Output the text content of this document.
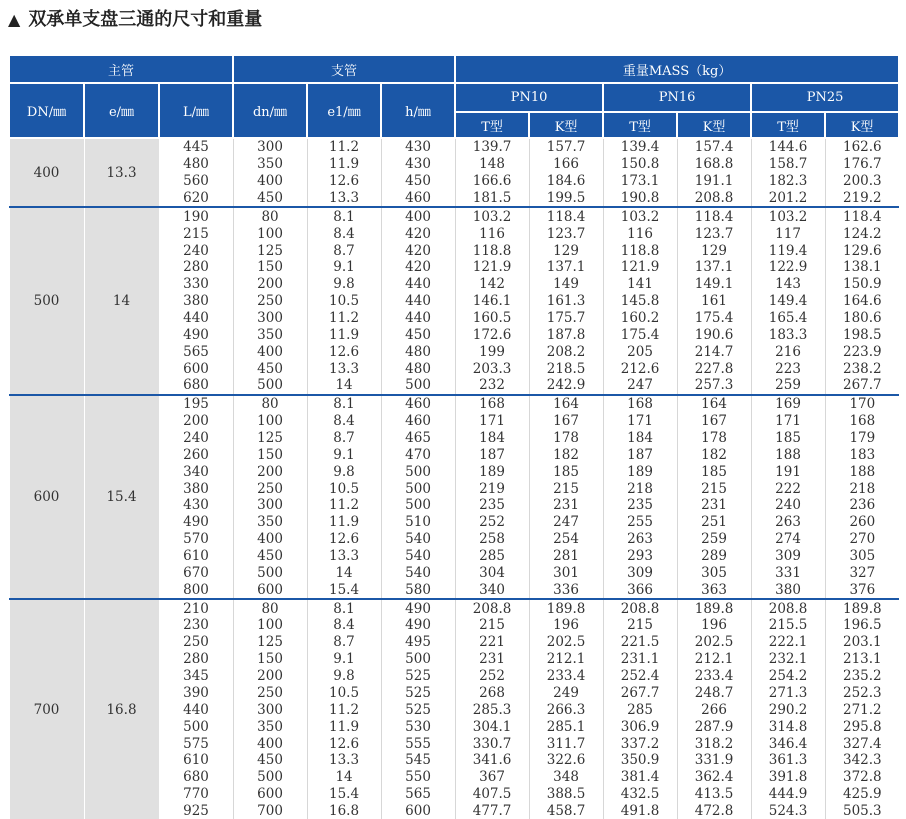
▲ 双承单支盘三通的尺寸和重量
主管			支管			重量MASS（kg）					
DN/㎜	e/㎜	L/㎜	dn/㎜	e1/㎜	h/㎜	PN10		PN16		PN25	
						T型	K型	T型	K型	T型	K型
400	13.3	445	300	11.2	430	139.7	157.7	139.4	157.4	144.6	162.6
		480	350	11.9	430	148	166	150.8	168.8	158.7	176.7
		560	400	12.6	450	166.6	184.6	173.1	191.1	182.3	200.3
		620	450	13.3	460	181.5	199.5	190.8	208.8	201.2	219.2
500	14	190	80	8.1	400	103.2	118.4	103.2	118.4	103.2	118.4
		215	100	8.4	420	116	123.7	116	123.7	117	124.2
		240	125	8.7	420	118.8	129	118.8	129	119.4	129.6
		280	150	9.1	420	121.9	137.1	121.9	137.1	122.9	138.1
		330	200	9.8	440	142	149	141	149.1	143	150.9
		380	250	10.5	440	146.1	161.3	145.8	161	149.4	164.6
		440	300	11.2	440	160.5	175.7	160.2	175.4	165.4	180.6
		490	350	11.9	450	172.6	187.8	175.4	190.6	183.3	198.5
		565	400	12.6	480	199	208.2	205	214.7	216	223.9
		600	450	13.3	480	203.3	218.5	212.6	227.8	223	238.2
		680	500	14	500	232	242.9	247	257.3	259	267.7
600	15.4	195	80	8.1	460	168	164	168	164	169	170
		200	100	8.4	460	171	167	171	167	171	168
		240	125	8.7	465	184	178	184	178	185	179
		260	150	9.1	470	187	182	187	182	188	183
		340	200	9.8	500	189	185	189	185	191	188
		380	250	10.5	500	219	215	218	215	222	218
		430	300	11.2	500	235	231	235	231	240	236
		490	350	11.9	510	252	247	255	251	263	260
		570	400	12.6	540	258	254	263	259	274	270
		610	450	13.3	540	285	281	293	289	309	305
		670	500	14	540	304	301	309	305	331	327
		800	600	15.4	580	340	336	366	363	380	376
700	16.8	210	80	8.1	490	208.8	189.8	208.8	189.8	208.8	189.8
		230	100	8.4	490	215	196	215	196	215.5	196.5
		250	125	8.7	495	221	202.5	221.5	202.5	222.1	203.1
		280	150	9.1	500	231	212.1	231.1	212.1	232.1	213.1
		345	200	9.8	525	252	233.4	252.4	233.4	254.2	235.2
		390	250	10.5	525	268	249	267.7	248.7	271.3	252.3
		440	300	11.2	525	285.3	266.3	285	266	290.2	271.2
		500	350	11.9	530	304.1	285.1	306.9	287.9	314.8	295.8
		575	400	12.6	555	330.7	311.7	337.2	318.2	346.4	327.4
		610	450	13.3	545	341.6	322.6	350.9	331.9	361.3	342.3
		680	500	14	550	367	348	381.4	362.4	391.8	372.8
		770	600	15.4	565	407.5	388.5	432.5	413.5	444.9	425.9
		925	700	16.8	600	477.7	458.7	491.8	472.8	524.3	505.3
